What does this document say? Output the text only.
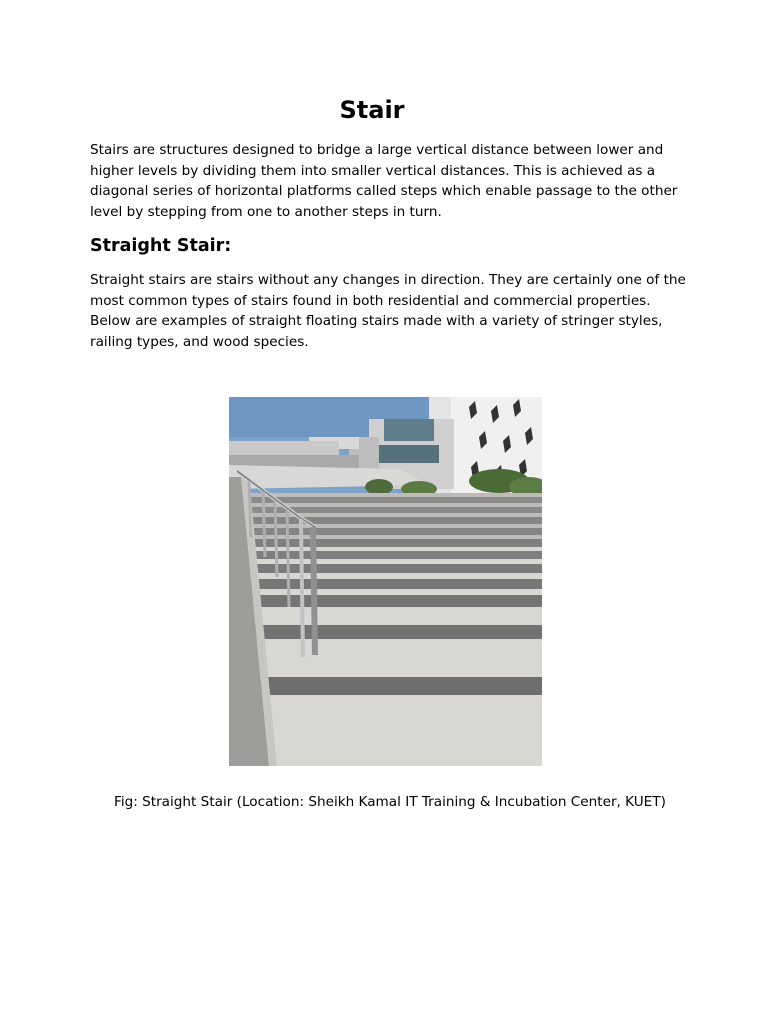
Stair

Stairs are structures designed to bridge a large vertical distance between lower and higher levels by dividing them into smaller vertical distances. This is achieved as a diagonal series of horizontal platforms called steps which enable passage to the other level by stepping from one to another steps in turn.

Straight Stair:

Straight stairs are stairs without any changes in direction. They are certainly one of the most common types of stairs found in both residential and commercial properties. Below are examples of straight floating stairs made with a variety of stringer styles, railing types, and wood species.

Fig: Straight Stair (Location: Sheikh Kamal IT Training & Incubation Center, KUET)
